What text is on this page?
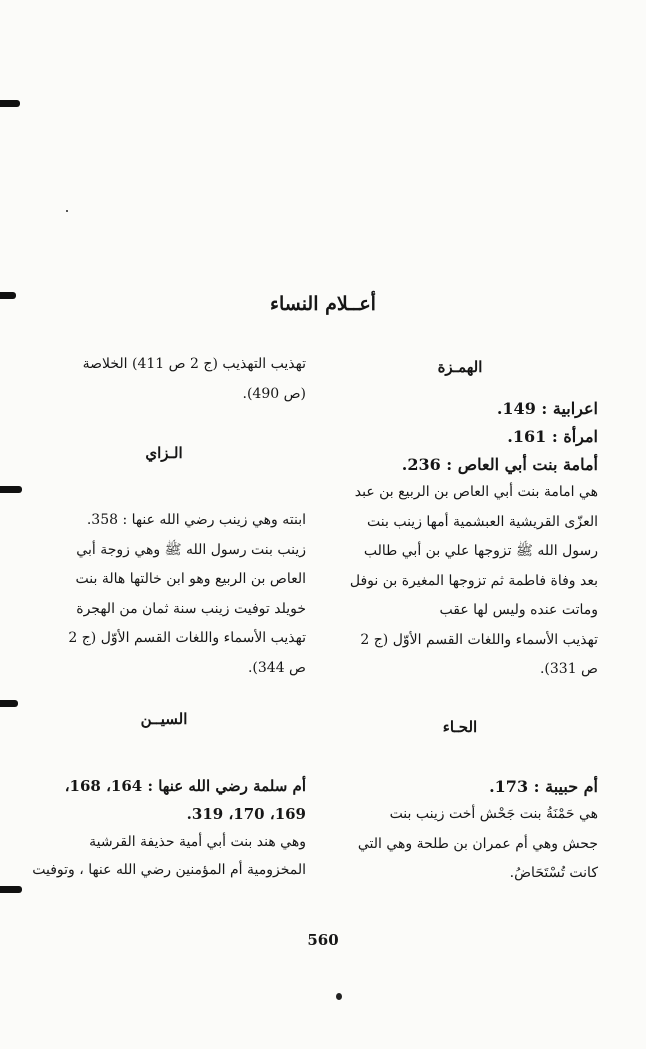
أعــلام النساء
الهمـزة
اعرابية : 149.
امرأة : 161.
أمامة بنت أبي العاص : 236.
هي امامة بنت أبي العاص بن الربيع بن عبد
العزّى القريشية العبشمية أمها زينب بنت
رسول الله ﷺ تزوجها علي بن أبي طالب
بعد وفاة فاطمة ثم تزوجها المغيرة بن نوفل
وماتت عنده وليس لها عقب
تهذيب الأسماء واللغات القسم الأوّل (ج 2
ص 331).
الحـاء
أم حبيبة : 173.
هي حَمْنَةُ بنت جَحْش أخت زينب بنت
جحش وهي أم عمران بن طلحة وهي التي
كانت تُسْتَحَاضُ.
تهذيب التهذيب (ج 2 ص 411) الخلاصة
(ص 490).
الـزاي
ابنته وهي زينب رضي الله عنها : 358.
زينب بنت رسول الله ﷺ وهي زوجة أبي
العاص بن الربيع وهو ابن خالتها هالة بنت
خويلد توفيت زينب سنة ثمان من الهجرة
تهذيب الأسماء واللغات القسم الأوّل (ج 2
ص 344).
السيــن
أم سلمة رضي الله عنها : 164، 168،
169، 170، 319.
وهي هند بنت أبي أمية حذيفة القرشية
المخزومية أم المؤمنين رضي الله عنها ، وتوفيت
560
